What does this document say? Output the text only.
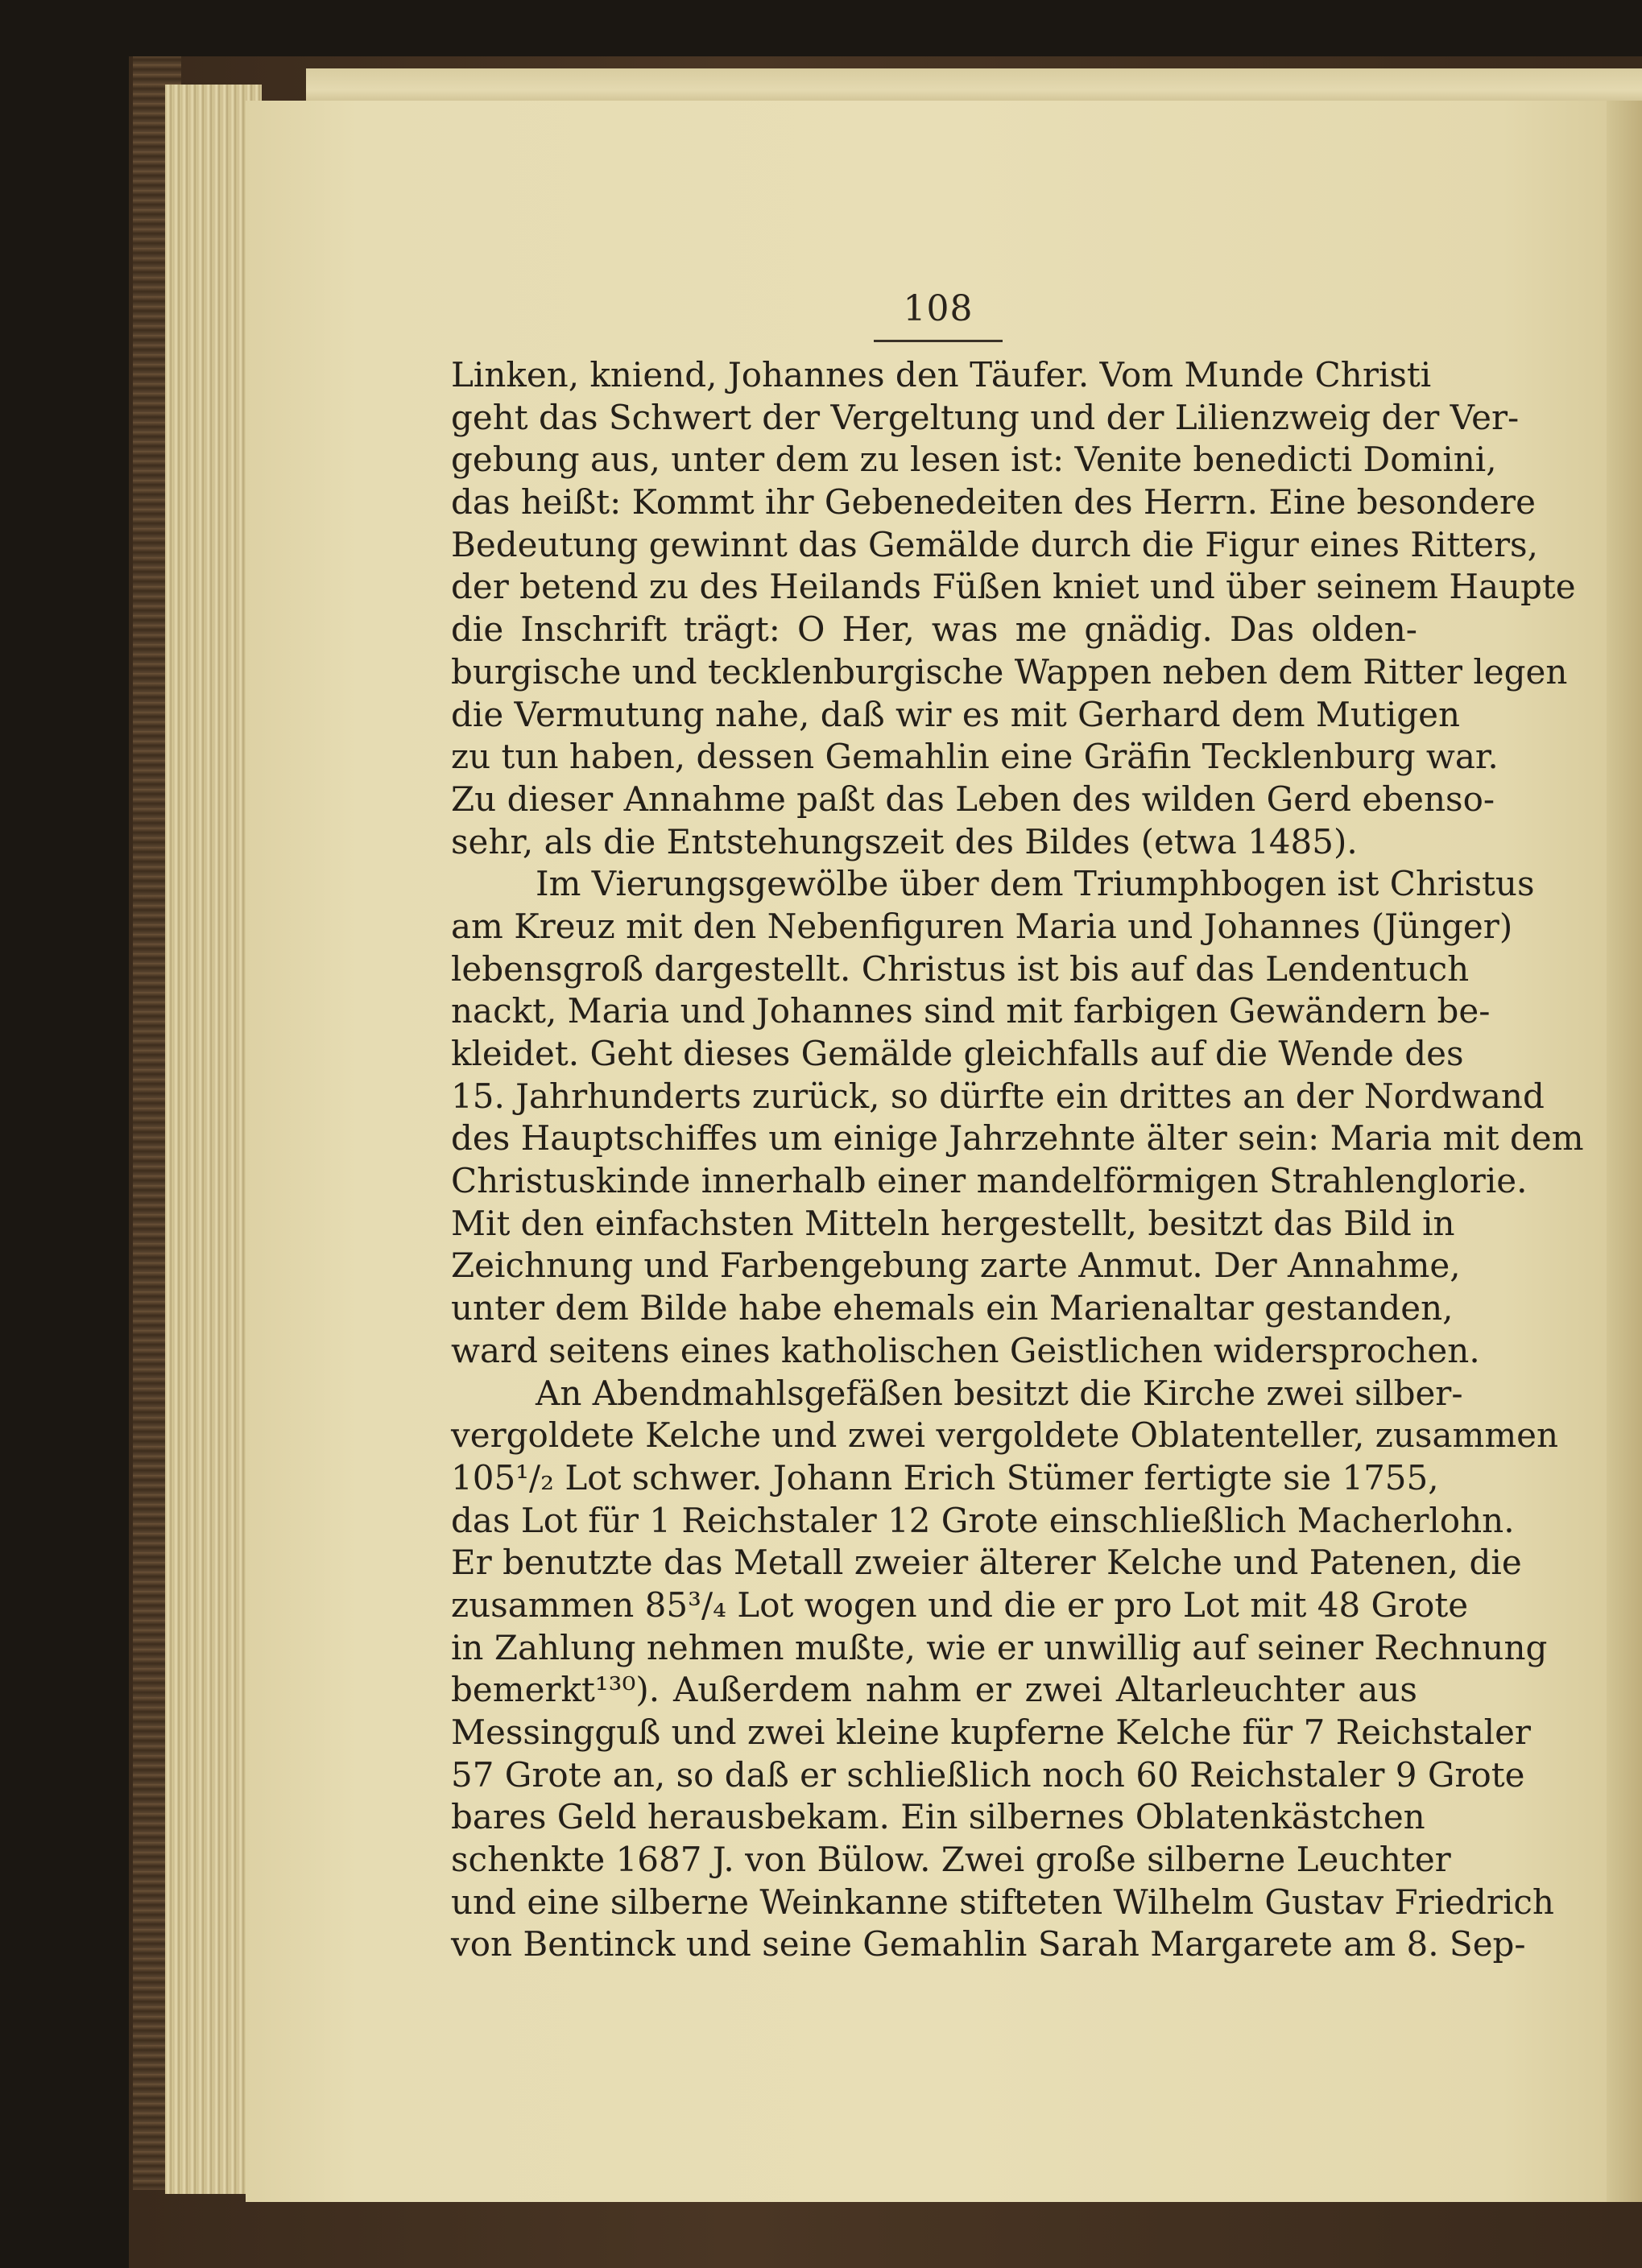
108
Linken, kniend, Johannes den Täufer. Vom Munde Christi
geht das Schwert der Vergeltung und der Lilienzweig der Ver-
gebung aus, unter dem zu lesen ist: Venite benedicti Domini,
das heißt: Kommt ihr Gebenedeiten des Herrn. Eine besondere
Bedeutung gewinnt das Gemälde durch die Figur eines Ritters,
der betend zu des Heilands Füßen kniet und über seinem Haupte
die Inschrift trägt: O Her, was me gnädig. Das olden-
burgische und tecklenburgische Wappen neben dem Ritter legen
die Vermutung nahe, daß wir es mit Gerhard dem Mutigen
zu tun haben, dessen Gemahlin eine Gräfin Tecklenburg war.
Zu dieser Annahme paßt das Leben des wilden Gerd ebenso-
sehr, als die Entstehungszeit des Bildes (etwa 1485).
Im Vierungsgewölbe über dem Triumphbogen ist Christus
am Kreuz mit den Nebenfiguren Maria und Johannes (Jünger)
lebensgroß dargestellt. Christus ist bis auf das Lendentuch
nackt, Maria und Johannes sind mit farbigen Gewändern be-
kleidet. Geht dieses Gemälde gleichfalls auf die Wende des
15. Jahrhunderts zurück, so dürfte ein drittes an der Nordwand
des Hauptschiffes um einige Jahrzehnte älter sein: Maria mit dem
Christuskinde innerhalb einer mandelförmigen Strahlenglorie.
Mit den einfachsten Mitteln hergestellt, besitzt das Bild in
Zeichnung und Farbengebung zarte Anmut. Der Annahme,
unter dem Bilde habe ehemals ein Marienaltar gestanden,
ward seitens eines katholischen Geistlichen widersprochen.
An Abendmahlsgefäßen besitzt die Kirche zwei silber-
vergoldete Kelche und zwei vergoldete Oblatenteller, zusammen
105¹/₂ Lot schwer. Johann Erich Stümer fertigte sie 1755,
das Lot für 1 Reichstaler 12 Grote einschließlich Macherlohn.
Er benutzte das Metall zweier älterer Kelche und Patenen, die
zusammen 85³/₄ Lot wogen und die er pro Lot mit 48 Grote
in Zahlung nehmen mußte, wie er unwillig auf seiner Rechnung
bemerkt¹³⁰). Außerdem nahm er zwei Altarleuchter aus
Messingguß und zwei kleine kupferne Kelche für 7 Reichstaler
57 Grote an, so daß er schließlich noch 60 Reichstaler 9 Grote
bares Geld herausbekam. Ein silbernes Oblatenkästchen
schenkte 1687 J. von Bülow. Zwei große silberne Leuchter
und eine silberne Weinkanne stifteten Wilhelm Gustav Friedrich
von Bentinck und seine Gemahlin Sarah Margarete am 8. Sep-
